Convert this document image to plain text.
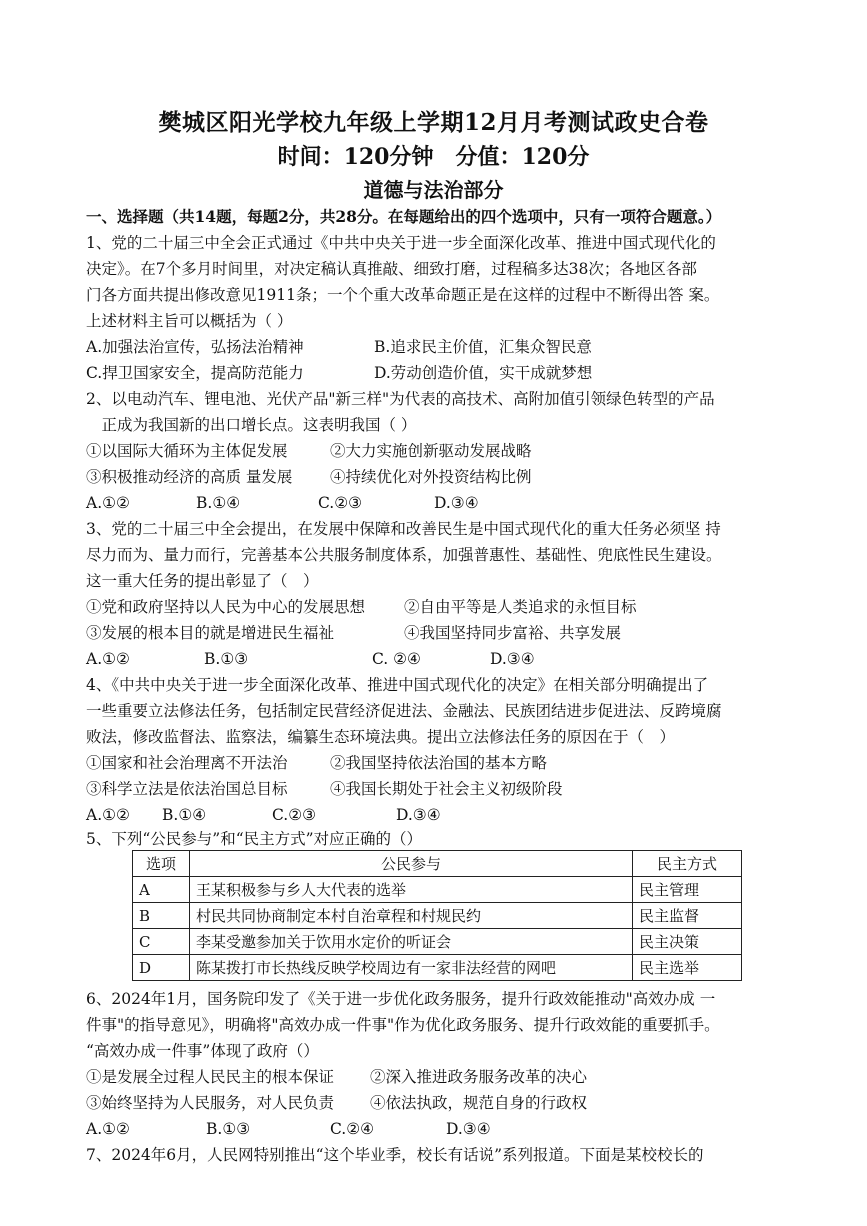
樊城区阳光学校九年级上学期12月月考测试政史合卷
时间：120分钟　分值：120分
道德与法治部分
一、选择题（共14题，每题2分，共28分。在每题给出的四个选项中，只有一项符合题意。）
1、党的二十届三中全会正式通过《中共中央关于进一步全面深化改革、推进中国式现代化的
决定》。在7个多月时间里，对决定稿认真推敲、细致打磨，过程稿多达38次；各地区各部
门各方面共提出修改意见1911条；一个个重大改革命题正是在这样的过程中不断得出答 案。
上述材料主旨可以概括为（ ）
A.加强法治宣传，弘扬法治精神	B.追求民主价值，汇集众智民意
C.捍卫国家安全，提高防范能力	D.劳动创造价值，实干成就梦想
2、以电动汽车、锂电池、光伏产品"新三样"为代表的高技术、高附加值引领绿色转型的产品
　正成为我国新的出口增长点。这表明我国（ ）
①以国际大循环为主体促发展	②大力实施创新驱动发展战略
③积极推动经济的高质 量发展 ④持续优化对外投资结构比例
A.①②	B.①④	C.②③	D.③④
3、党的二十届三中全会提出，在发展中保障和改善民生是中国式现代化的重大任务必须坚 持
尽力而为、量力而行，完善基本公共服务制度体系，加强普惠性、基础性、兜底性民生建设。
这一重大任务的提出彰显了（　）
①党和政府坚持以人民为中心的发展思想	②自由平等是人类追求的永恒目标
③发展的根本目的就是增进民生福祉	④我国坚持同步富裕、共享发展
A.①②	B.①③	C. ②④	D.③④
4、《中共中央关于进一步全面深化改革、推进中国式现代化的决定》在相关部分明确提出了
一些重要立法修法任务，包括制定民营经济促进法、金融法、民族团结进步促进法、反跨境腐
败法，修改监督法、监察法，编纂生态环境法典。提出立法修法任务的原因在于（　）
①国家和社会治理离不开法治	②我国坚持依法治国的基本方略
③科学立法是依法治国总目标	④我国长期处于社会主义初级阶段
A.①② B.①④	C.②③	D.③④
5、下列“公民参与”和“民主方式”对应正确的（）
选项	公民参与	民主方式
A	王某积极参与乡人大代表的选举	民主管理
B	村民共同协商制定本村自治章程和村规民约	民主监督
C	李某受邀参加关于饮用水定价的听证会	民主决策
D	陈某拨打市长热线反映学校周边有一家非法经营的网吧	民主选举
6、2024年1月，国务院印发了《关于进一步优化政务服务，提升行政效能推动"高效办成 一
件事"的指导意见》，明确将"高效办成一件事"作为优化政务服务、提升行政效能的重要抓手。
“高效办成一件事”体现了政府（）
①是发展全过程人民民主的根本保证 ②深入推进政务服务改革的决心
③始终坚持为人民服务，对人民负责 ④依法执政，规范自身的行政权
A.①②	B.①③	C.②④	D.③④
7、2024年6月，人民网特别推出“这个毕业季，校长有话说”系列报道。下面是某校校长的
